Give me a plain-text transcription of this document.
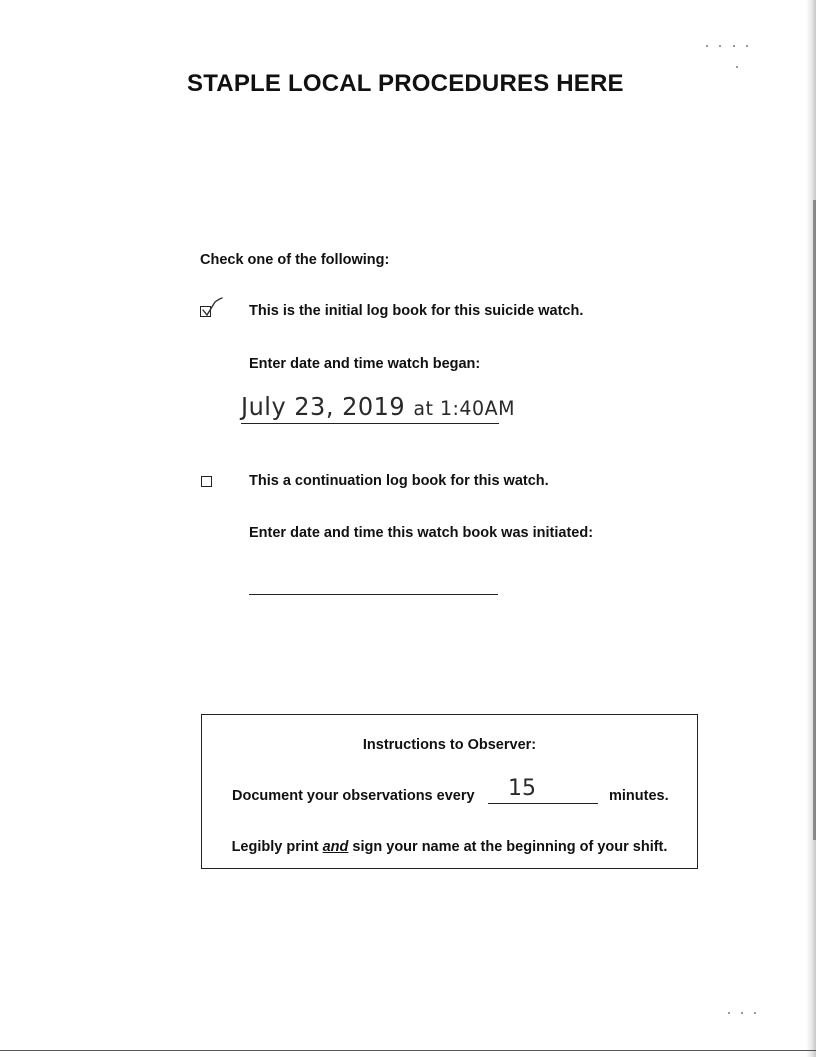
STAPLE LOCAL PROCEDURES HERE
Check one of the following:
This is the initial log book for this suicide watch.
Enter date and time watch began:
July 23, 2019 at 1:40AM
This a continuation log book for this watch.
Enter date and time this watch book was initiated:
Instructions to Observer:
Document your observations every 15	minutes.
Legibly print and sign your name at the beginning of your shift.
